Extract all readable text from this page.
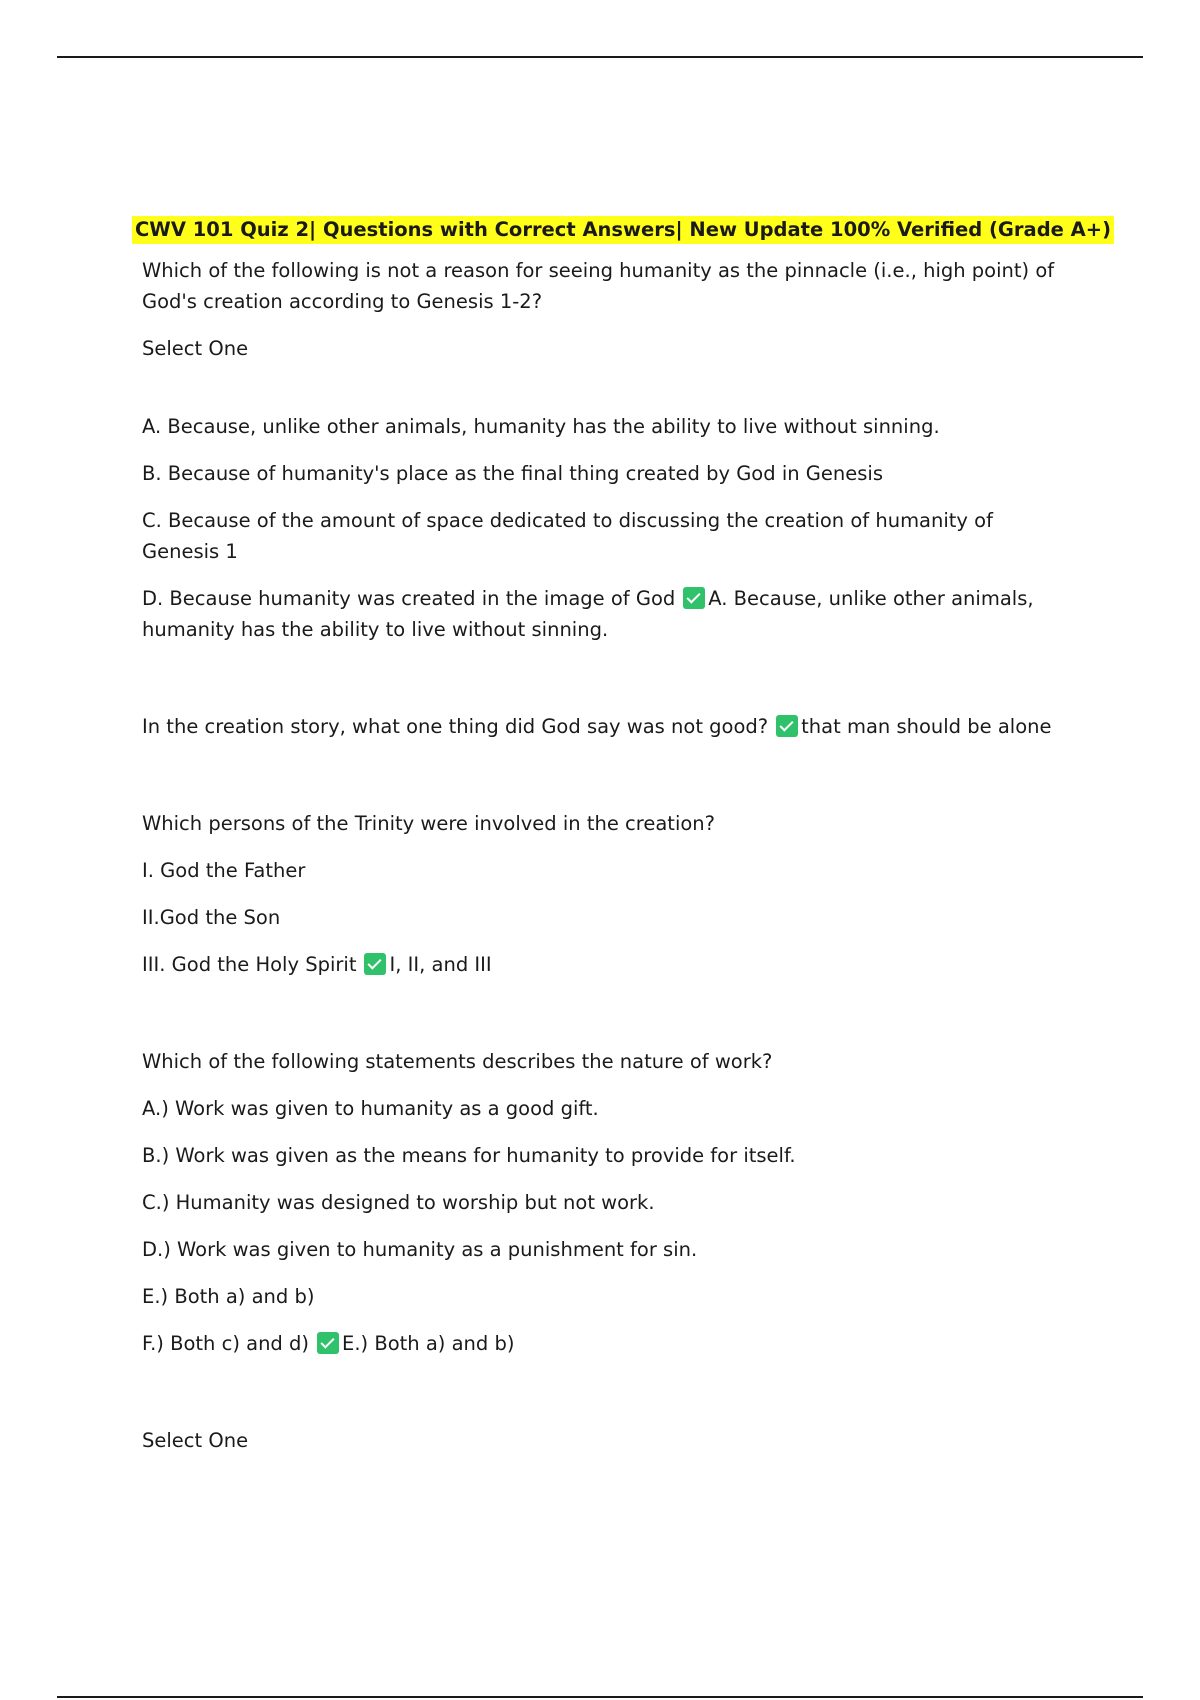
CWV 101 Quiz 2| Questions with Correct Answers| New Update 100% Verified (Grade A+)

Which of the following is not a reason for seeing humanity as the pinnacle (i.e., high point) of God's creation according to Genesis 1-2?

Select One

A. Because, unlike other animals, humanity has the ability to live without sinning.

B. Because of humanity's place as the final thing created by God in Genesis

C. Because of the amount of space dedicated to discussing the creation of humanity of Genesis 1

D. Because humanity was created in the image of God A. Because, unlike other animals, humanity has the ability to live without sinning.

In the creation story, what one thing did God say was not good? that man should be alone

Which persons of the Trinity were involved in the creation?

I. God the Father

II.God the Son

III. God the Holy Spirit I, II, and III

Which of the following statements describes the nature of work?

A.) Work was given to humanity as a good gift.

B.) Work was given as the means for humanity to provide for itself.

C.) Humanity was designed to worship but not work.

D.) Work was given to humanity as a punishment for sin.

E.) Both a) and b)

F.) Both c) and d) E.) Both a) and b)

Select One
